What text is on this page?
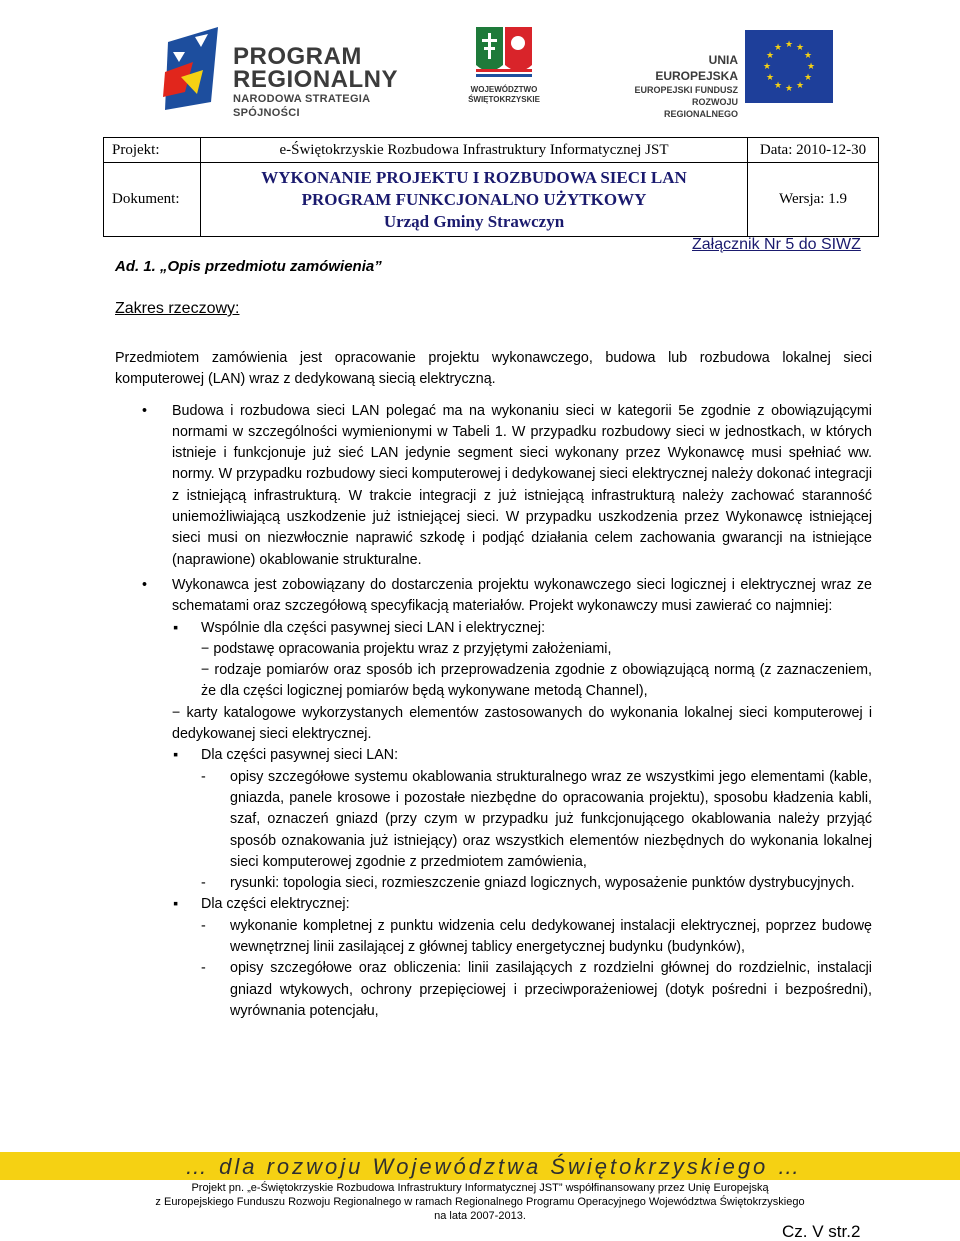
PROGRAM
REGIONALNY
NARODOWA STRATEGIA SPÓJNOŚCI
WOJEWÓDZTWO
ŚWIĘTOKRZYSKIE
UNIA EUROPEJSKA
EUROPEJSKI FUNDUSZ
ROZWOJU REGIONALNEGO
★ ★
★
★
★
★
★
★
★
★
★
★
Projekt:	e-Świętokrzyskie Rozbudowa Infrastruktury Informatycznej JST	Data: 2010-12-30
Dokument:	WYKONANIE PROJEKTU I ROZBUDOWA SIECI LAN
PROGRAM FUNKCJONALNO UŻYTKOWY
Urząd Gminy Strawczyn	Wersja: 1.9
Załącznik Nr 5 do SIWZ
Ad. 1. „Opis przedmiotu zamówienia”
Zakres rzeczowy:

Przedmiotem zamówienia jest opracowanie projektu wykonawczego, budowa lub rozbudowa lokalnej sieci komputerowej (LAN) wraz z dedykowaną siecią elektryczną.

• Budowa i rozbudowa sieci LAN polegać ma na wykonaniu sieci w kategorii 5e zgodnie z obowiązującymi normami w szczególności wymienionymi w Tabeli 1. W przypadku rozbudowy sieci w jednostkach, w których istnieje i funkcjonuje już sieć LAN jedynie segment sieci wykonany przez Wykonawcę musi spełniać ww. normy. W przypadku rozbudowy sieci komputerowej i dedykowanej sieci elektrycznej należy dokonać integracji z istniejącą infrastrukturą. W trakcie integracji z już istniejącą infrastrukturą należy zachować staranność uniemożliwiającą uszkodzenie już istniejącej sieci. W przypadku uszkodzenia przez Wykonawcę istniejącej sieci musi on niezwłocznie naprawić szkodę i podjąć działania celem zachowania gwarancji na istniejące (naprawione) okablowanie strukturalne.
• Wykonawca jest zobowiązany do dostarczenia projektu wykonawczego sieci logicznej i elektrycznej wraz ze schematami oraz szczegółową specyfikacją materiałów. Projekt wykonawczy musi zawierać co najmniej:
▪ Wspólnie dla części pasywnej sieci LAN i elektrycznej:
− podstawę opracowania projektu wraz z przyjętymi założeniami,
− rodzaje pomiarów oraz sposób ich przeprowadzenia zgodnie z obowiązującą normą (z zaznaczeniem, że dla części logicznej pomiarów będą wykonywane metodą Channel),
− karty katalogowe wykorzystanych elementów zastosowanych do wykonania lokalnej sieci komputerowej i dedykowanej sieci elektrycznej.
▪ Dla części pasywnej sieci LAN:
- opisy szczegółowe systemu okablowania strukturalnego wraz ze wszystkimi jego elementami (kable, gniazda, panele krosowe i pozostałe niezbędne do opracowania projektu), sposobu kładzenia kabli, szaf, oznaczeń gniazd (przy czym w przypadku już funkcjonującego okablowania należy przyjąć sposób oznakowania już istniejący) oraz wszystkich elementów niezbędnych do wykonania lokalnej sieci komputerowej zgodnie z przedmiotem zamówienia,
- rysunki: topologia sieci, rozmieszczenie gniazd logicznych, wyposażenie punktów dystrybucyjnych.
▪ Dla części elektrycznej:
- wykonanie kompletnej z punktu widzenia celu dedykowanej instalacji elektrycznej, poprzez budowę wewnętrznej linii zasilającej z głównej tablicy energetycznej budynku (budynków),
- opisy szczegółowe oraz obliczenia: linii zasilających z rozdzielni głównej do rozdzielnic, instalacji gniazd wtykowych, ochrony przepięciowej i przeciwporażeniowej (dotyk pośredni i bezpośredni), wyrównania potencjału,
… dla rozwoju Województwa Świętokrzyskiego …
Projekt pn. „e-Świętokrzyskie Rozbudowa Infrastruktury Informatycznej JST” współfinansowany przez Unię Europejską
z Europejskiego Funduszu Rozwoju Regionalnego w ramach Regionalnego Programu Operacyjnego Województwa Świętokrzyskiego
na lata 2007-2013.
Cz. V str.2
